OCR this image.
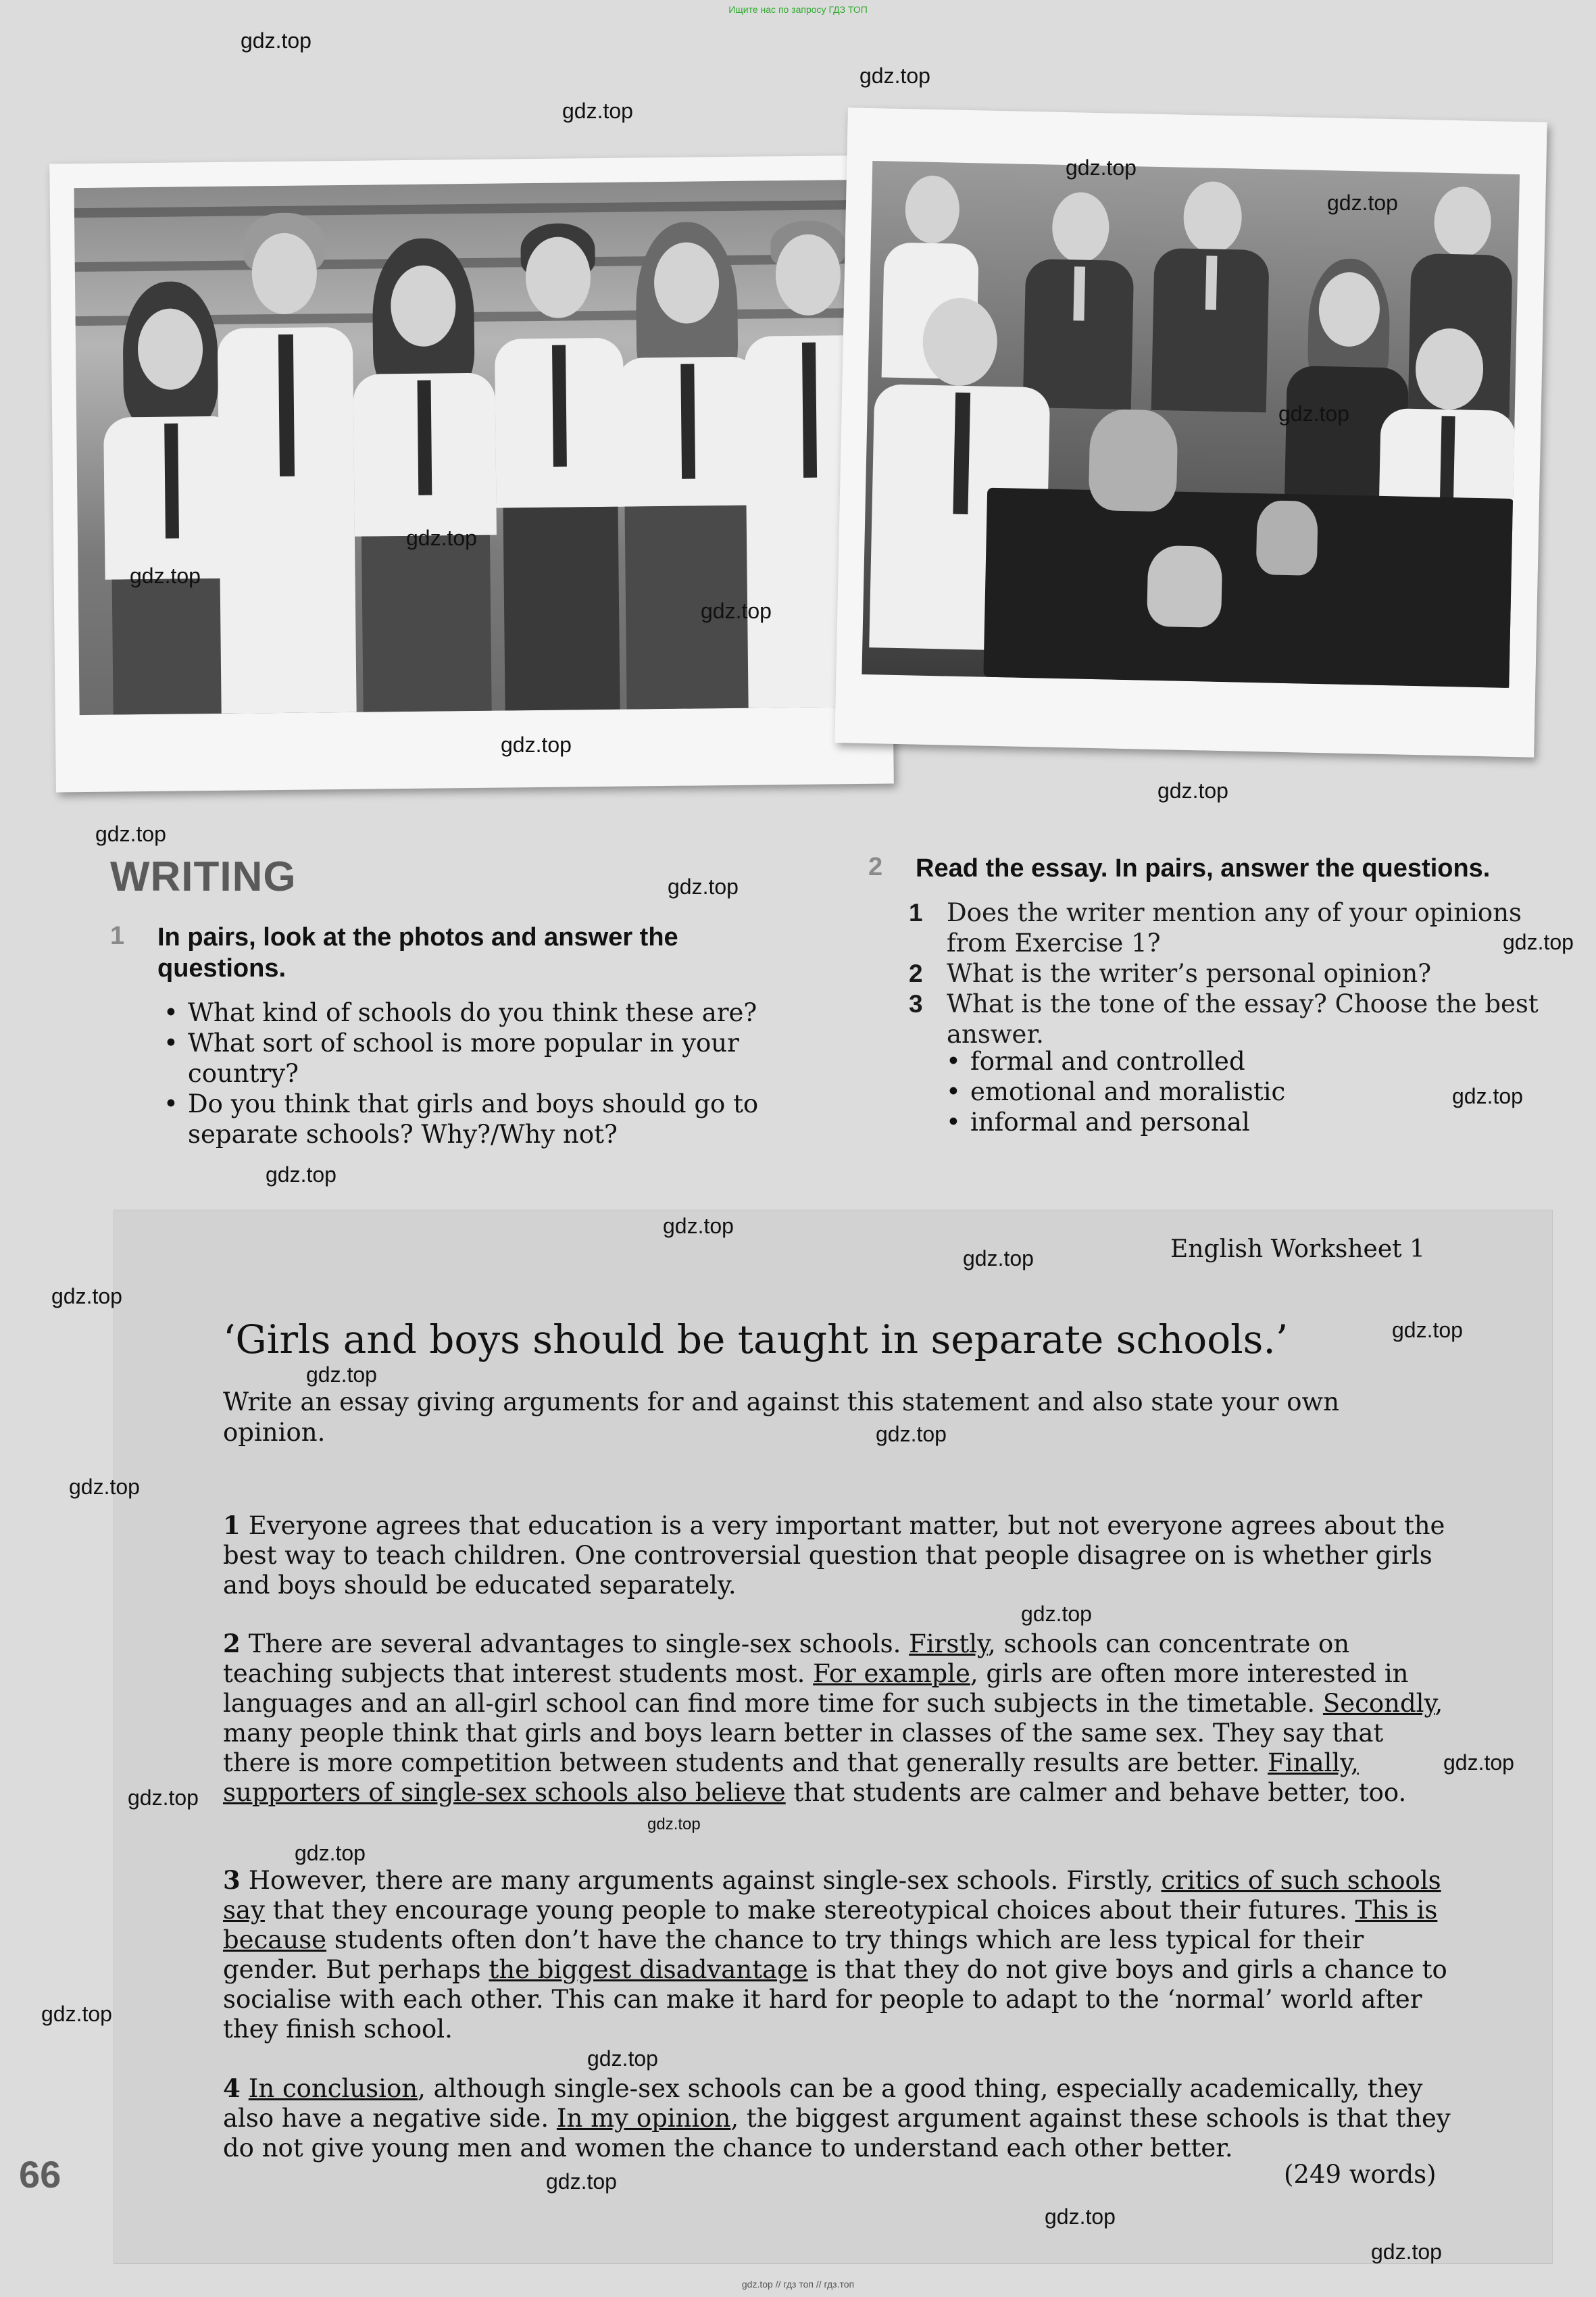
Ищите нас по запросу ГДЗ ТОП
WRITING
1	In pairs, look at the photos and answer the questions.
• What kind of schools do you think these are?
• What sort of school is more popular in your country?
• Do you think that girls and boys should go to separate schools? Why?/Why not?
2	Read the essay. In pairs, answer the questions.
1 Does the writer mention any of your opinions from Exercise 1?
2 What is the writer’s personal opinion?
3 What is the tone of the essay? Choose the best answer.
• formal and controlled
• emotional and moralistic
• informal and personal
English Worksheet 1
‘Girls and boys should be taught in separate schools.’
Write an essay giving arguments for and against this statement and also state your own opinion.
1 Everyone agrees that education is a very important matter, but not everyone agrees about the best way to teach children. One controversial question that people disagree on is whether girls and boys should be educated separately.
2 There are several advantages to single-sex schools. Firstly, schools can concentrate on teaching subjects that interest students most. For example, girls are often more interested in languages and an all-girl school can find more time for such subjects in the timetable. Secondly, many people think that girls and boys learn better in classes of the same sex. They say that there is more competition between students and that generally results are better. Finally, supporters of single-sex schools also believe that students are calmer and behave better, too.
3 However, there are many arguments against single-sex schools. Firstly, critics of such schools say that they encourage young people to make stereotypical choices about their futures. This is because students often don’t have the chance to try things which are less typical for their gender. But perhaps the biggest disadvantage is that they do not give boys and girls a chance to socialise with each other. This can make it hard for people to adapt to the ‘normal’ world after they finish school.
4 In conclusion, although single-sex schools can be a good thing, especially academically, they also have a negative side. In my opinion, the biggest argument against these schools is that they do not give young men and women the chance to understand each other better.
(249 words)
66
gdz.top
gdz.top
gdz.top
gdz.top
gdz.top
gdz.top
gdz.top
gdz.top
gdz.top
gdz.top
gdz.top
gdz.top
gdz.top
gdz.top
gdz.top
gdz.top
gdz.top
gdz.top
gdz.top
gdz.top
gdz.top
gdz.top
gdz.top
gdz.top
gdz.top
gdz.top
gdz.top
gdz.top
gdz.top
gdz.top
gdz.top
gdz.top
gdz.top
gdz.top // гдз топ // гдз.топ
